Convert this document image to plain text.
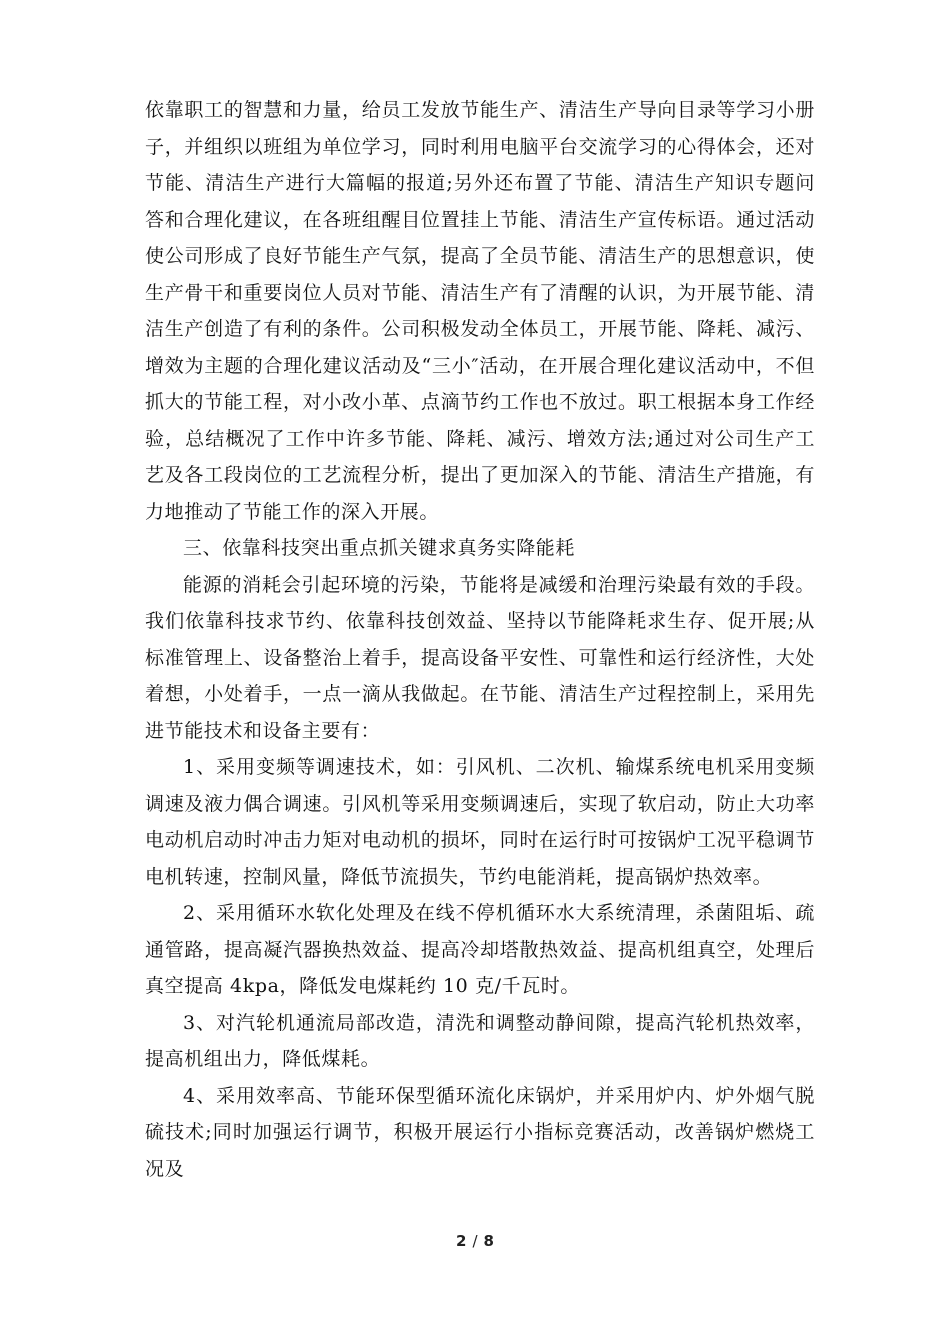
依靠职工的智慧和力量，给员工发放节能生产、清洁生产导向目录等学习小册子，并组织以班组为单位学习，同时利用电脑平台交流学习的心得体会，还对节能、清洁生产进行大篇幅的报道;另外还布置了节能、清洁生产知识专题问答和合理化建议，在各班组醒目位置挂上节能、清洁生产宣传标语。通过活动使公司形成了良好节能生产气氛，提高了全员节能、清洁生产的思想意识，使生产骨干和重要岗位人员对节能、清洁生产有了清醒的认识，为开展节能、清洁生产创造了有利的条件。公司积极发动全体员工，开展节能、降耗、减污、增效为主题的合理化建议活动及“三小″活动，在开展合理化建议活动中，不但抓大的节能工程，对小改小革、点滴节约工作也不放过。职工根据本身工作经验，总结概况了工作中许多节能、降耗、减污、增效方法;通过对公司生产工艺及各工段岗位的工艺流程分析，提出了更加深入的节能、清洁生产措施，有力地推动了节能工作的深入开展。

三、依靠科技突出重点抓关键求真务实降能耗

能源的消耗会引起环境的污染，节能将是减缓和治理污染最有效的手段。我们依靠科技求节约、依靠科技创效益、坚持以节能降耗求生存、促开展;从标准管理上、设备整治上着手，提高设备平安性、可靠性和运行经济性，大处着想，小处着手，一点一滴从我做起。在节能、清洁生产过程控制上，采用先进节能技术和设备主要有：

1、采用变频等调速技术，如：引风机、二次机、输煤系统电机采用变频调速及液力偶合调速。引风机等采用变频调速后，实现了软启动，防止大功率电动机启动时冲击力矩对电动机的损坏，同时在运行时可按锅炉工况平稳调节电机转速，控制风量，降低节流损失，节约电能消耗，提高锅炉热效率。

2、采用循环水软化处理及在线不停机循环水大系统清理，杀菌阻垢、疏通管路，提高凝汽器换热效益、提高冷却塔散热效益、提高机组真空，处理后真空提高 4kpa，降低发电煤耗约 10 克/千瓦时。

3、对汽轮机通流局部改造，清洗和调整动静间隙，提高汽轮机热效率，提高机组出力，降低煤耗。

4、采用效率高、节能环保型循环流化床锅炉，并采用炉内、炉外烟气脱硫技术;同时加强运行调节，积极开展运行小指标竞赛活动，改善锅炉燃烧工况及

2 / 8
